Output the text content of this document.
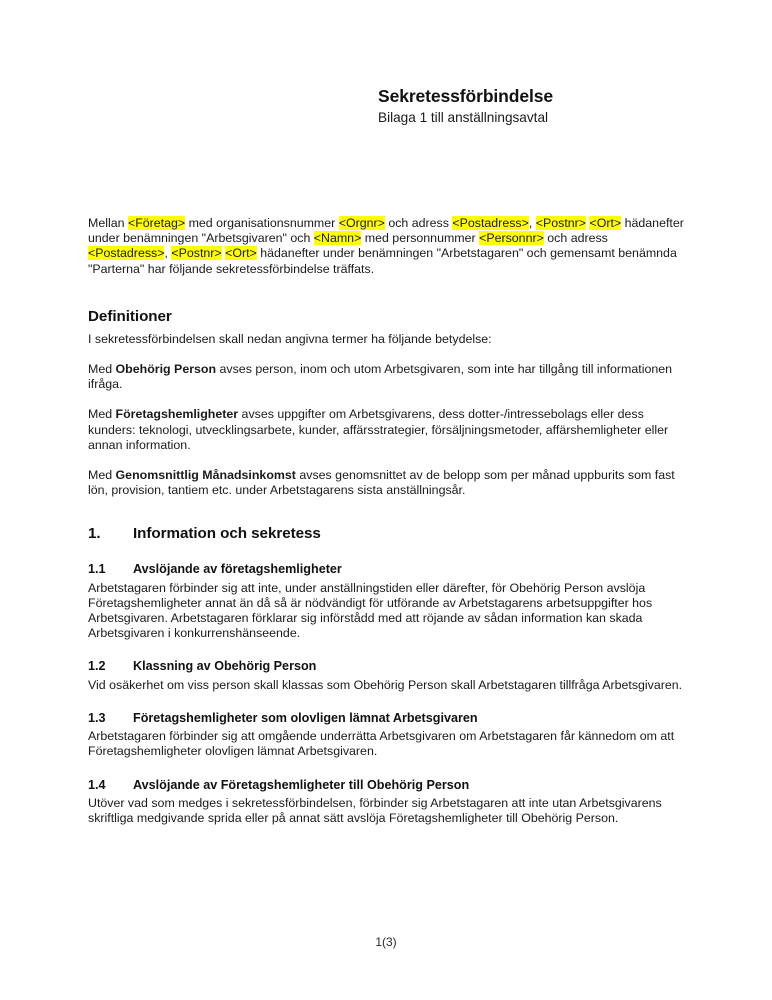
Sekretessförbindelse
Bilaga 1 till anställningsavtal

Mellan <Företag> med organisationsnummer <Orgnr> och adress <Postadress>, <Postnr> <Ort> hädanefter under benämningen "Arbetsgivaren" och <Namn> med personnummer <Personnr> och adress <Postadress>, <Postnr> <Ort> hädanefter under benämningen "Arbetstagaren" och gemensamt benämnda "Parterna" har följande sekretessförbindelse träffats.

Definitioner

I sekretessförbindelsen skall nedan angivna termer ha följande betydelse:

Med Obehörig Person avses person, inom och utom Arbetsgivaren, som inte har tillgång till informationen ifråga.

Med Företagshemligheter avses uppgifter om Arbetsgivarens, dess dotter-/intressebolags eller dess kunders: teknologi, utvecklingsarbete, kunder, affärsstrategier, försäljningsmetoder, affärshemligheter eller annan information.

Med Genomsnittlig Månadsinkomst avses genomsnittet av de belopp som per månad uppburits som fast lön, provision, tantiem etc. under Arbetstagarens sista anställningsår.

1.	Information och sekretess
1.1	Avslöjande av företagshemligheter

Arbetstagaren förbinder sig att inte, under anställningstiden eller därefter, för Obehörig Person avslöja Företagshemligheter annat än då så är nödvändigt för utförande av Arbetstagarens arbetsuppgifter hos Arbetsgivaren. Arbetstagaren förklarar sig införstådd med att röjande av sådan information kan skada Arbetsgivaren i konkurrenshänseende.

1.2	Klassning av Obehörig Person

Vid osäkerhet om viss person skall klassas som Obehörig Person skall Arbetstagaren tillfråga Arbetsgivaren.

1.3	Företagshemligheter som olovligen lämnat Arbetsgivaren

Arbetstagaren förbinder sig att omgående underrätta Arbetsgivaren om Arbetstagaren får kännedom om att Företagshemligheter olovligen lämnat Arbetsgivaren.

1.4	Avslöjande av Företagshemligheter till Obehörig Person

Utöver vad som medges i sekretessförbindelsen, förbinder sig Arbetstagaren att inte utan Arbetsgivarens skriftliga medgivande sprida eller på annat sätt avslöja Företagshemligheter till Obehörig Person.

1(3)
